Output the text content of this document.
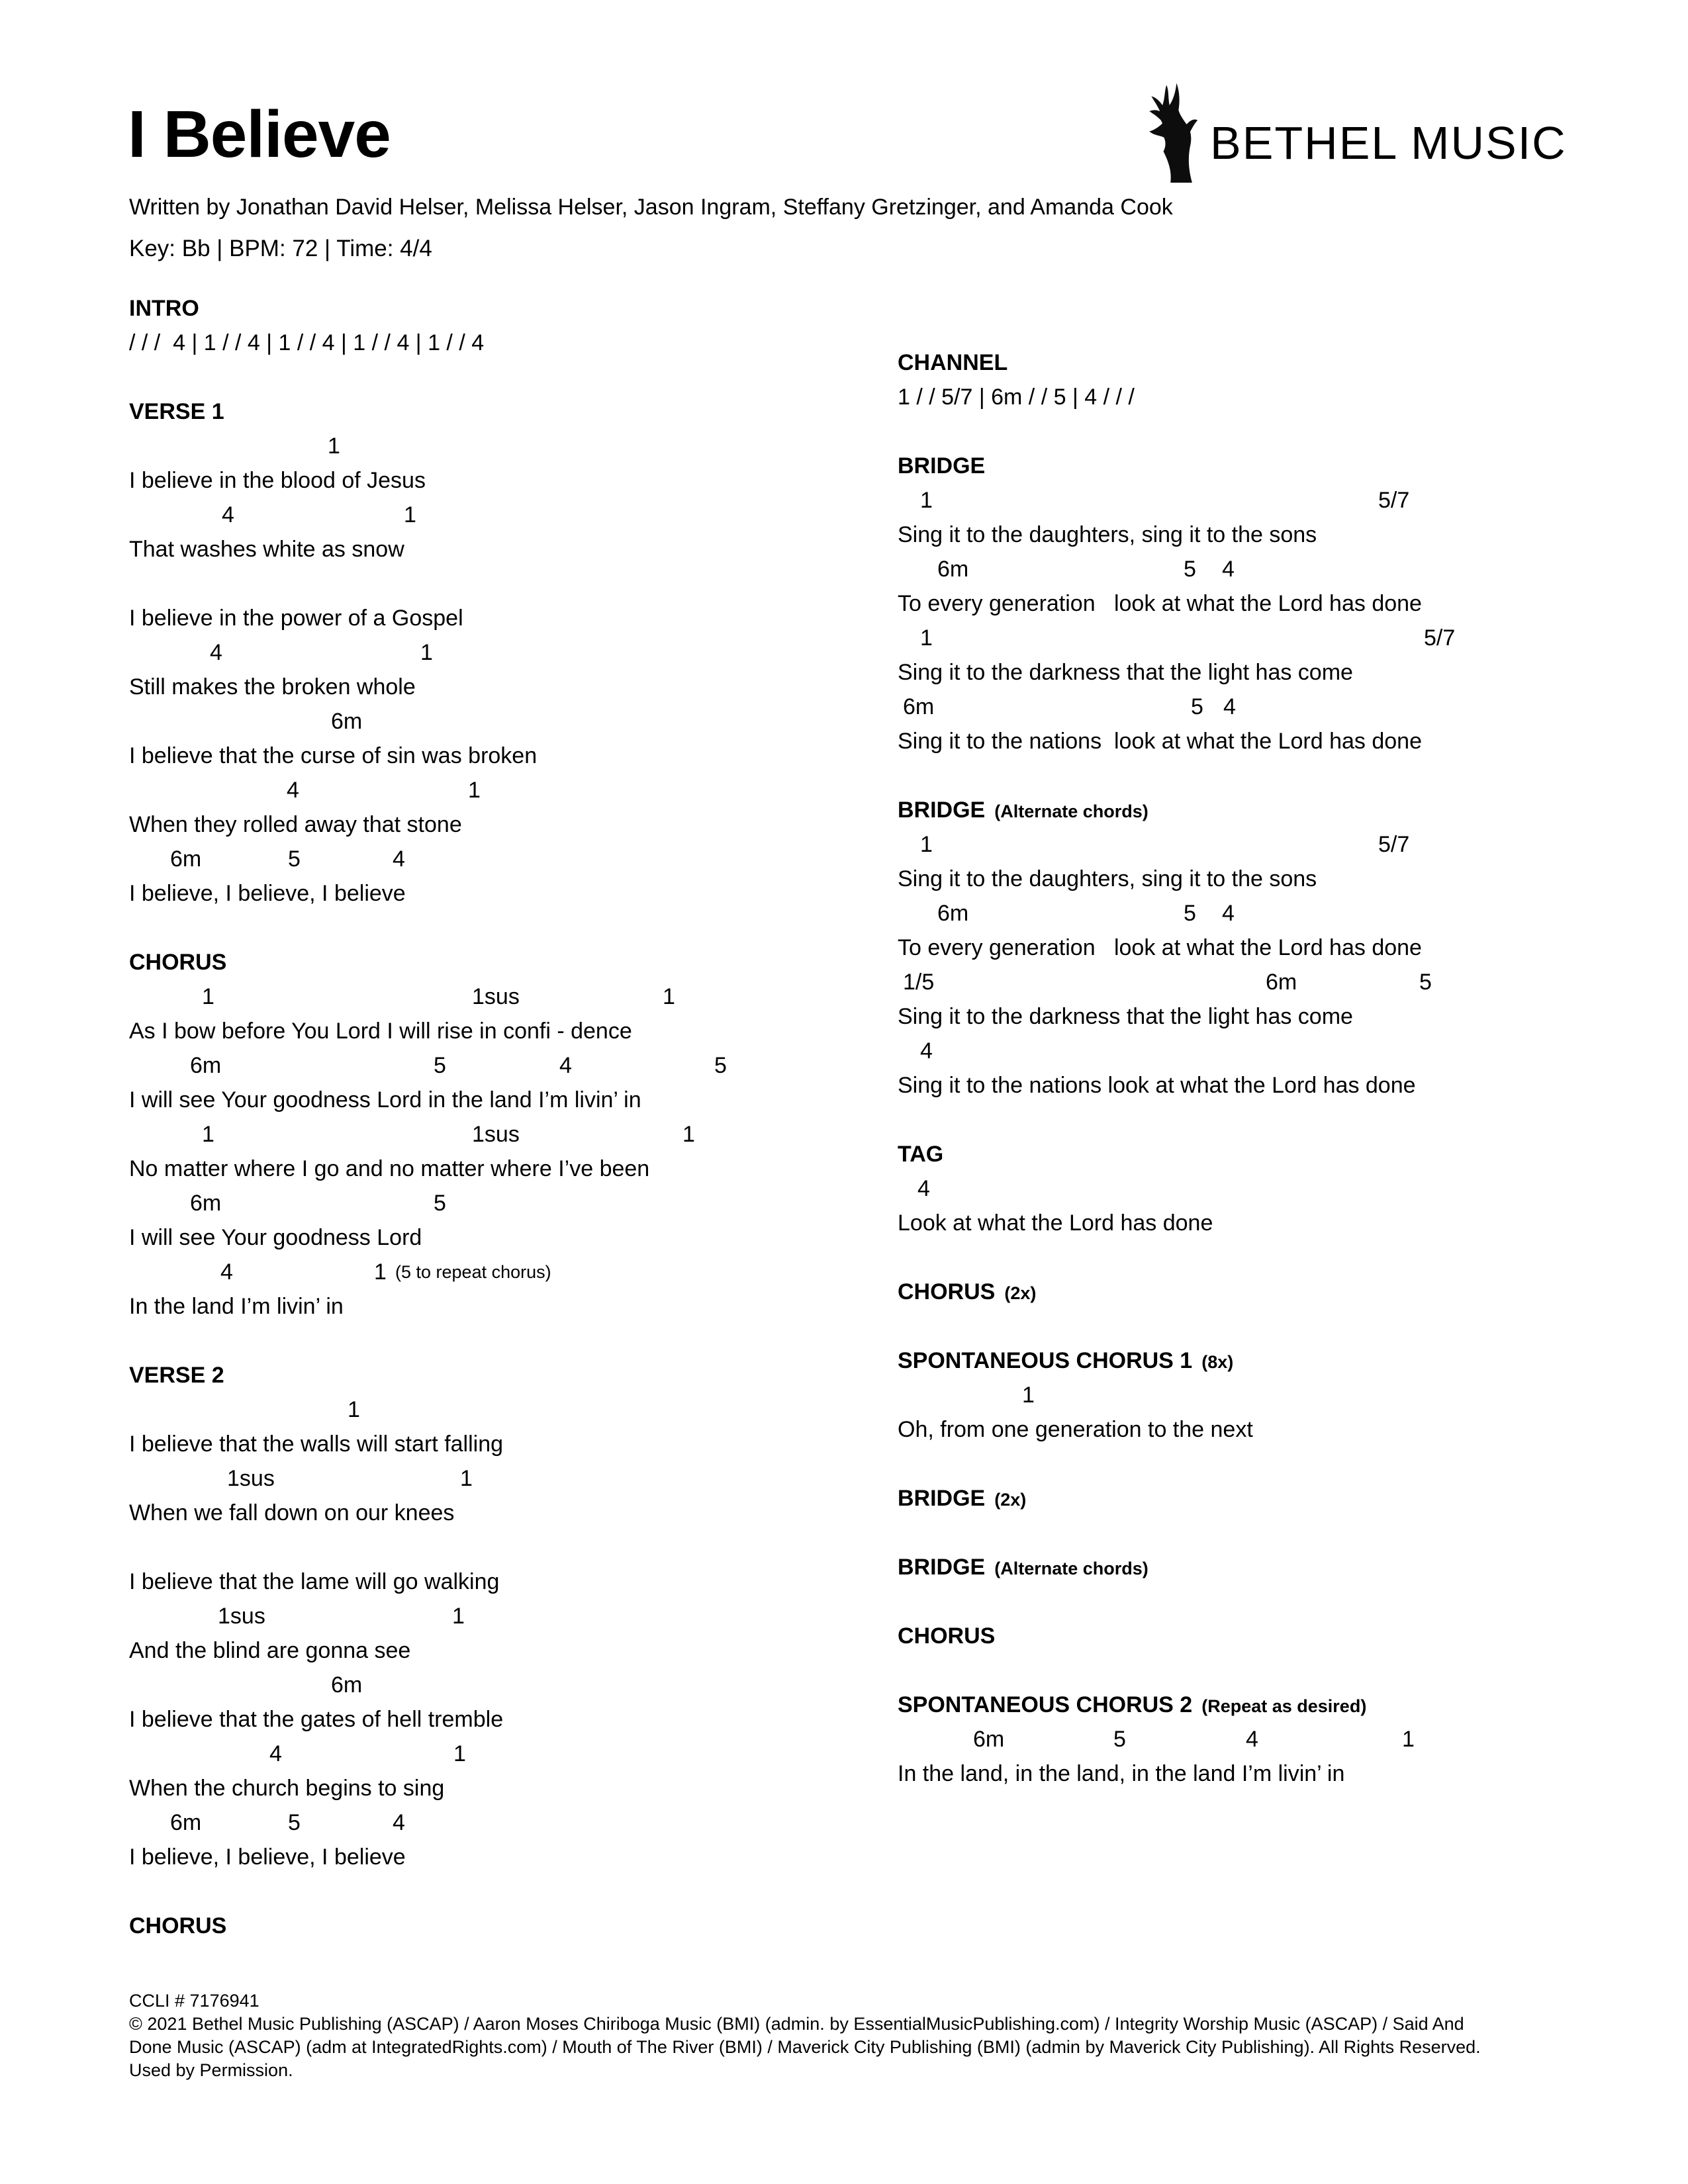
I Believe	BETHEL MUSIC
Written by Jonathan David Helser, Melissa Helser, Jason Ingram, Steffany Gretzinger, and Amanda Cook
Key: Bb | BPM: 72 | Time: 4/4
INTRO
/ / /  4 | 1 / / 4 | 1 / / 4 | 1 / / 4 | 1 / / 4
VERSE 1
1
I believe in the blood of Jesus
4	1
That washes white as snow
I believe in the power of a Gospel
4	1
Still makes the broken whole
6m
I believe that the curse of sin was broken
4	1
When they rolled away that stone
6m	5	4
I believe, I believe, I believe
CHORUS
1	1sus	1
As I bow before You Lord I will rise in confi - dence
6m	5	4	5
I will see Your goodness Lord in the land I’m livin’ in
1	1sus	1
No matter where I go and no matter where I’ve been
6m	5
I will see Your goodness Lord
4	1 (5 to repeat chorus)
In the land I’m livin’ in
VERSE 2
1
I believe that the walls will start falling
1sus	1
When we fall down on our knees
I believe that the lame will go walking
1sus	1
And the blind are gonna see
6m
I believe that the gates of hell tremble
4	1
When the church begins to sing
6m	5	4
I believe, I believe, I believe
CHORUS
CHANNEL
1 / / 5/7 | 6m / / 5 | 4 / / /
BRIDGE
1	5/7
Sing it to the daughters, sing it to the sons
6m	5 4
To every generation   look at what the Lord has done
1	5/7
Sing it to the darkness that the light has come
6m	5 4
Sing it to the nations  look at what the Lord has done
BRIDGE (Alternate chords)
1	5/7
Sing it to the daughters, sing it to the sons
6m	5 4
To every generation   look at what the Lord has done
1/5	6m	5
Sing it to the darkness that the light has come
4
Sing it to the nations look at what the Lord has done
TAG
4
Look at what the Lord has done
CHORUS (2x)
SPONTANEOUS CHORUS 1 (8x)
1
Oh, from one generation to the next
BRIDGE (2x)
BRIDGE (Alternate chords)
CHORUS
SPONTANEOUS CHORUS 2 (Repeat as desired)
6m	5	4	1
In the land, in the land, in the land I’m livin’ in
CCLI # 7176941
© 2021 Bethel Music Publishing (ASCAP) / Aaron Moses Chiriboga Music (BMI) (admin. by EssentialMusicPublishing.com) / Integrity Worship Music (ASCAP) / Said And
Done Music (ASCAP) (adm at IntegratedRights.com) / Mouth of The River (BMI) / Maverick City Publishing (BMI) (admin by Maverick City Publishing). All Rights Reserved.
Used by Permission.
